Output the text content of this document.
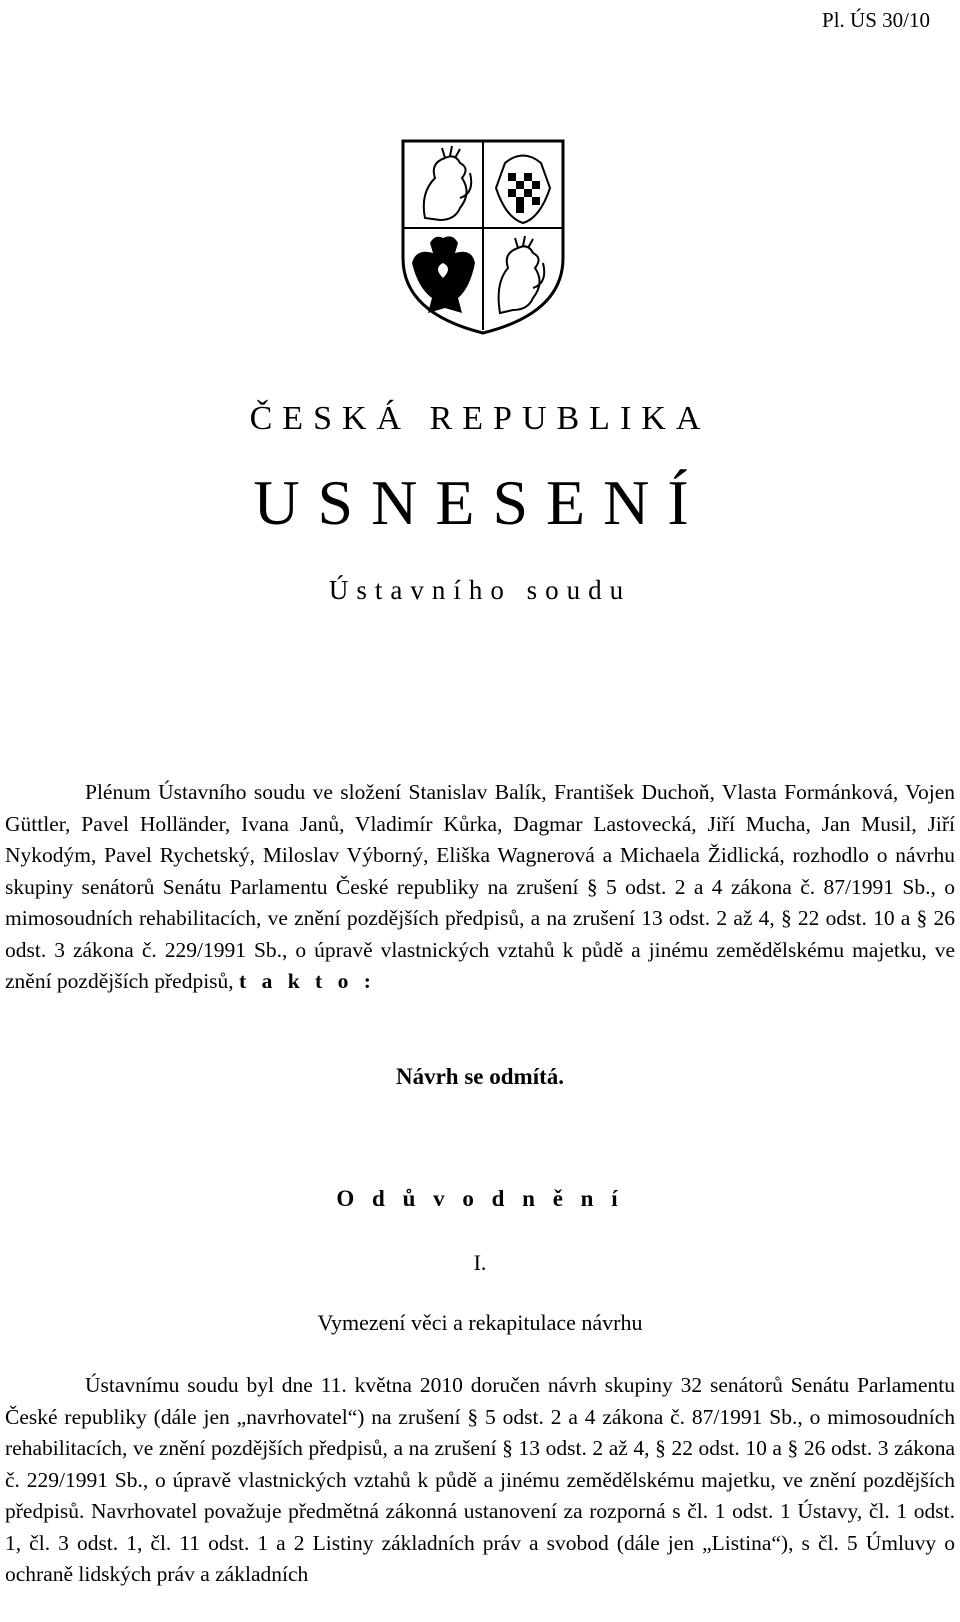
Pl. ÚS 30/10
ČESKÁ REPUBLIKA
USNESENÍ
Ústavního soudu
Plénum Ústavního soudu ve složení Stanislav Balík, František Duchoň, Vlasta Formánková, Vojen Güttler, Pavel Holländer, Ivana Janů, Vladimír Kůrka, Dagmar Lastovecká, Jiří Mucha, Jan Musil, Jiří Nykodým, Pavel Rychetský, Miloslav Výborný, Eliška Wagnerová a Michaela Židlická, rozhodlo o návrhu skupiny senátorů Senátu Parlamentu České republiky na zrušení § 5 odst. 2 a 4 zákona č. 87/1991 Sb., o mimosoudních rehabilitacích, ve znění pozdějších předpisů, a na zrušení 13 odst. 2 až 4, § 22 odst. 10 a § 26 odst. 3 zákona č. 229/1991 Sb., o úpravě vlastnických vztahů k půdě a jinému zemědělskému majetku, ve znění pozdějších předpisů, t a k t o :
Návrh se odmítá.
O d ů v o d n ě n í
I.
Vymezení věci a rekapitulace návrhu
Ústavnímu soudu byl dne 11. května 2010 doručen návrh skupiny 32 senátorů Senátu Parlamentu České republiky (dále jen „navrhovatel“) na zrušení § 5 odst. 2 a 4 zákona č. 87/1991 Sb., o mimosoudních rehabilitacích, ve znění pozdějších předpisů, a na zrušení § 13 odst. 2 až 4, § 22 odst. 10 a § 26 odst. 3 zákona č. 229/1991 Sb., o úpravě vlastnických vztahů k půdě a jinému zemědělskému majetku, ve znění pozdějších předpisů. Navrhovatel považuje předmětná zákonná ustanovení za rozporná s čl. 1 odst. 1 Ústavy, čl. 1 odst. 1, čl. 3 odst. 1, čl. 11 odst. 1 a 2 Listiny základních práv a svobod (dále jen „Listina“), s čl. 5 Úmluvy o ochraně lidských práv a základních
